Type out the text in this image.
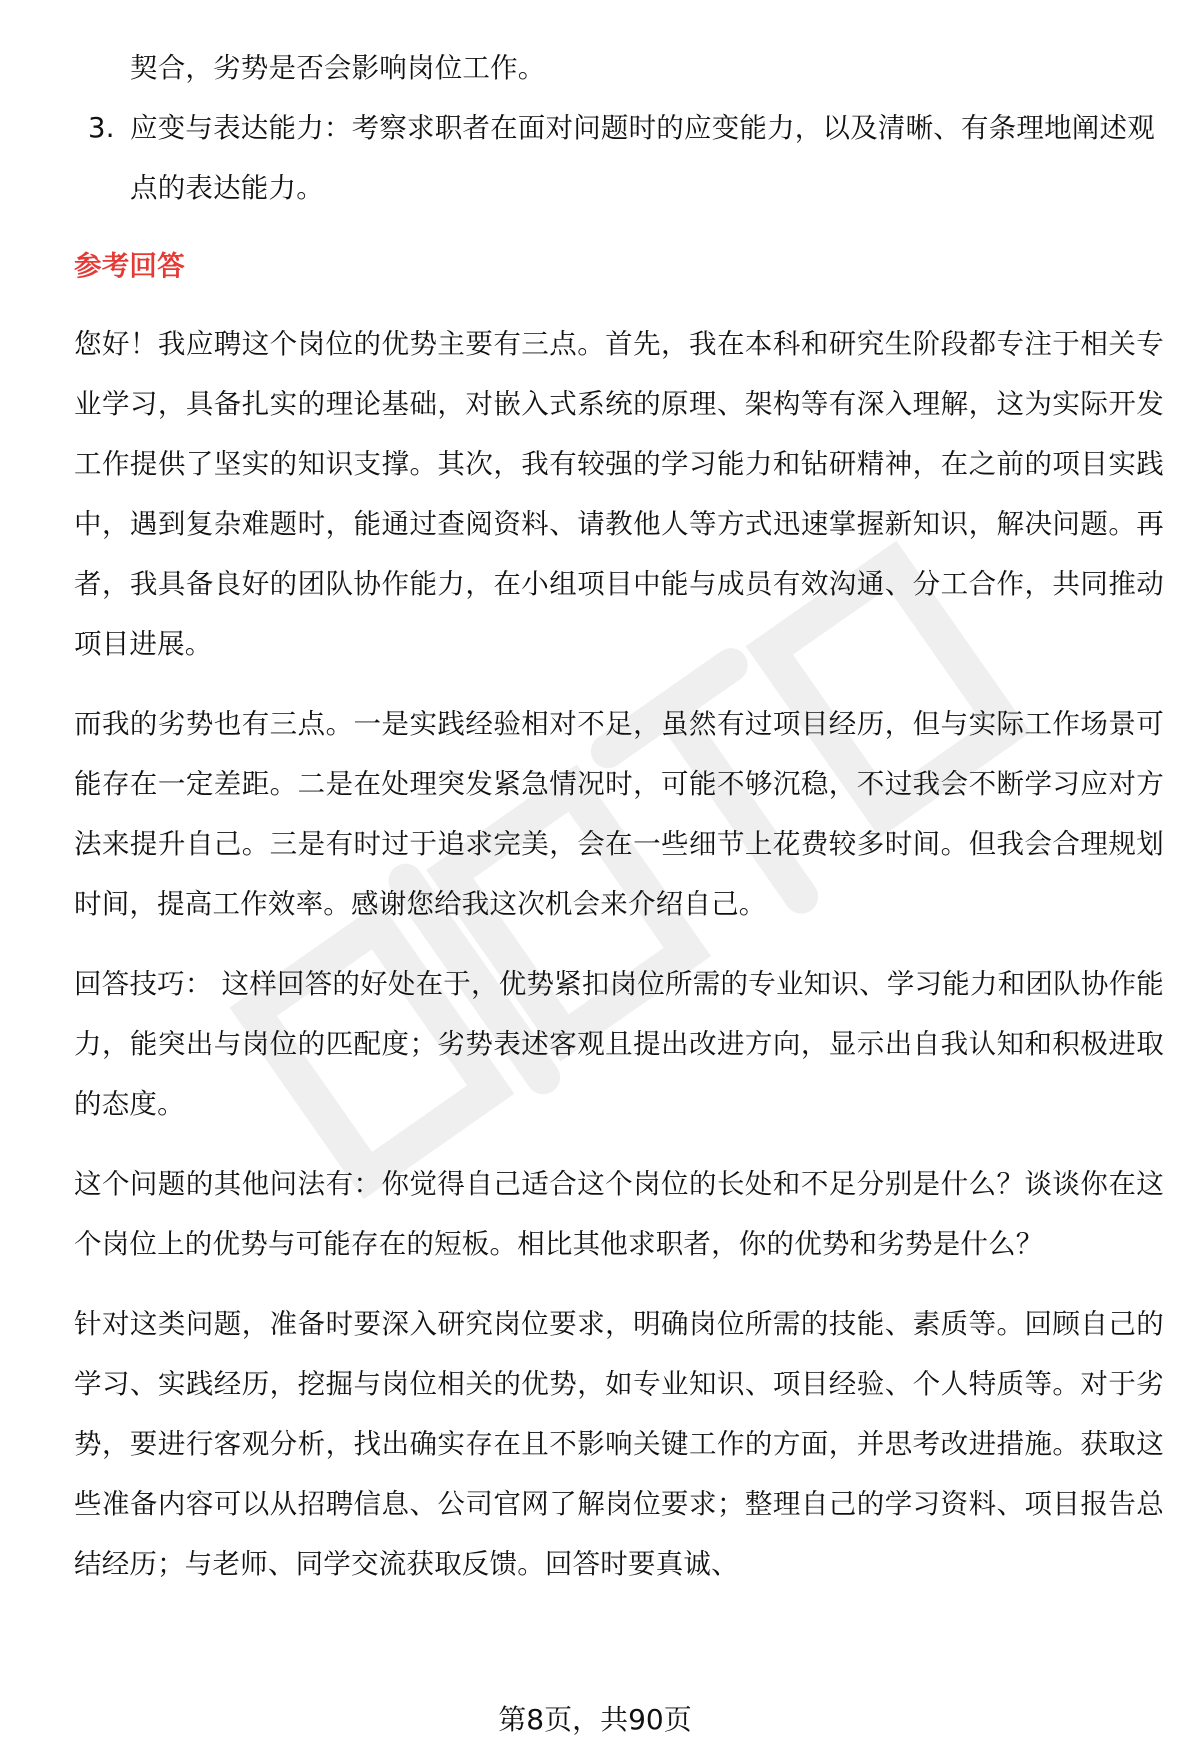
契合，劣势是否会影响岗位工作。
3. 应变与表达能力：考察求职者在面对问题时的应变能力，以及清晰、有条理地阐述观点的表达能力。
参考回答

您好！我应聘这个岗位的优势主要有三点。首先，我在本科和研究生阶段都专注于相关专业学习，具备扎实的理论基础，对嵌入式系统的原理、架构等有深入理解，这为实际开发工作提供了坚实的知识支撑。其次，我有较强的学习能力和钻研精神，在之前的项目实践中，遇到复杂难题时，能通过查阅资料、请教他人等方式迅速掌握新知识，解决问题。再者，我具备良好的团队协作能力，在小组项目中能与成员有效沟通、分工合作，共同推动项目进展。

而我的劣势也有三点。一是实践经验相对不足，虽然有过项目经历，但与实际工作场景可能存在一定差距。二是在处理突发紧急情况时，可能不够沉稳，不过我会不断学习应对方法来提升自己。三是有时过于追求完美，会在一些细节上花费较多时间。但我会合理规划时间，提高工作效率。感谢您给我这次机会来介绍自己。

回答技巧： 这样回答的好处在于，优势紧扣岗位所需的专业知识、学习能力和团队协作能力，能突出与岗位的匹配度；劣势表述客观且提出改进方向，显示出自我认知和积极进取的态度。

这个问题的其他问法有：你觉得自己适合这个岗位的长处和不足分别是什么？谈谈你在这个岗位上的优势与可能存在的短板。相比其他求职者，你的优势和劣势是什么？

针对这类问题，准备时要深入研究岗位要求，明确岗位所需的技能、素质等。回顾自己的学习、实践经历，挖掘与岗位相关的优势，如专业知识、项目经验、个人特质等。对于劣势，要进行客观分析，找出确实存在且不影响关键工作的方面，并思考改进措施。获取这些准备内容可以从招聘信息、公司官网了解岗位要求；整理自己的学习资料、项目报告总结经历；与老师、同学交流获取反馈。回答时要真诚、

第8页，共90页
